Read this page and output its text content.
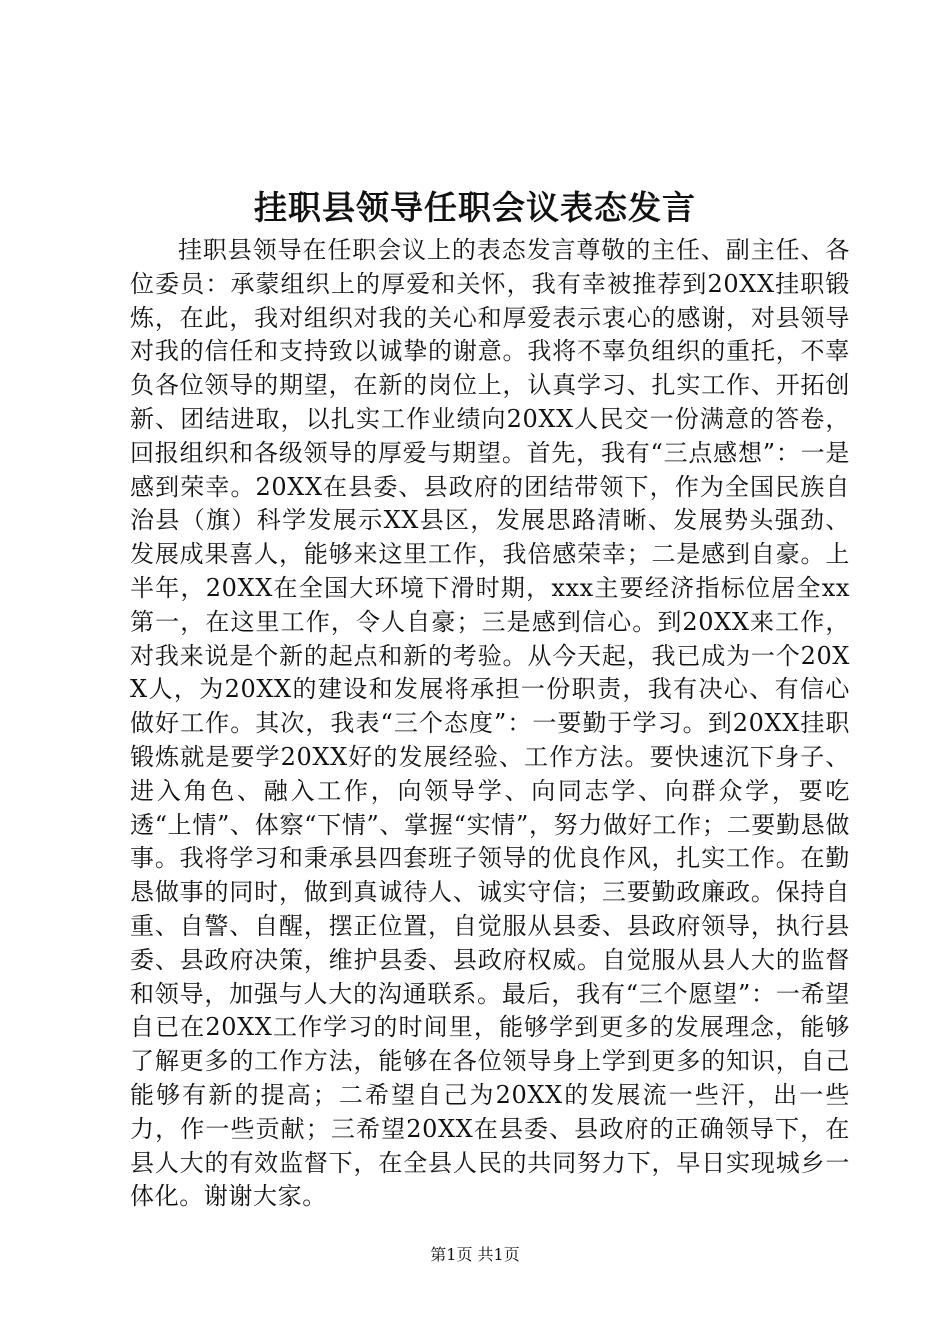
挂职县领导任职会议表态发言

挂职县领导在任职会议上的表态发言尊敬的主任、副主任、各位委员：承蒙组织上的厚爱和关怀，我有幸被推荐到20XX挂职锻炼，在此，我对组织对我的关心和厚爱表示衷心的感谢，对县领导对我的信任和支持致以诚挚的谢意。我将不辜负组织的重托，不辜负各位领导的期望，在新的岗位上，认真学习、扎实工作、开拓创新、团结进取，以扎实工作业绩向20XX人民交一份满意的答卷，回报组织和各级领导的厚爱与期望。首先，我有“三点感想”：一是感到荣幸。20XX在县委、县政府的团结带领下，作为全国民族自治县（旗）科学发展示XX县区，发展思路清晰、发展势头强劲、发展成果喜人，能够来这里工作，我倍感荣幸；二是感到自豪。上半年，20XX在全国大环境下滑时期，xxx主要经济指标位居全xx第一，在这里工作，令人自豪；三是感到信心。到20XX来工作，对我来说是个新的起点和新的考验。从今天起，我已成为一个20XX人，为20XX的建设和发展将承担一份职责，我有决心、有信心做好工作。其次，我表“三个态度”：一要勤于学习。到20XX挂职锻炼就是要学20XX好的发展经验、工作方法。要快速沉下身子、进入角色、融入工作，向领导学、向同志学、向群众学，要吃透“上情”、体察“下情”、掌握“实情”，努力做好工作；二要勤恳做事。我将学习和秉承县四套班子领导的优良作风，扎实工作。在勤恳做事的同时，做到真诚待人、诚实守信；三要勤政廉政。保持自重、自警、自醒，摆正位置，自觉服从县委、县政府领导，执行县委、县政府决策，维护县委、县政府权威。自觉服从县人大的监督和领导，加强与人大的沟通联系。最后，我有“三个愿望”：一希望自已在20XX工作学习的时间里，能够学到更多的发展理念，能够了解更多的工作方法，能够在各位领导身上学到更多的知识，自己能够有新的提高；二希望自己为20XX的发展流一些汗，出一些力，作一些贡献；三希望20XX在县委、县政府的正确领导下，在县人大的有效监督下，在全县人民的共同努力下，早日实现城乡一体化。谢谢大家。

第1页 共1页
